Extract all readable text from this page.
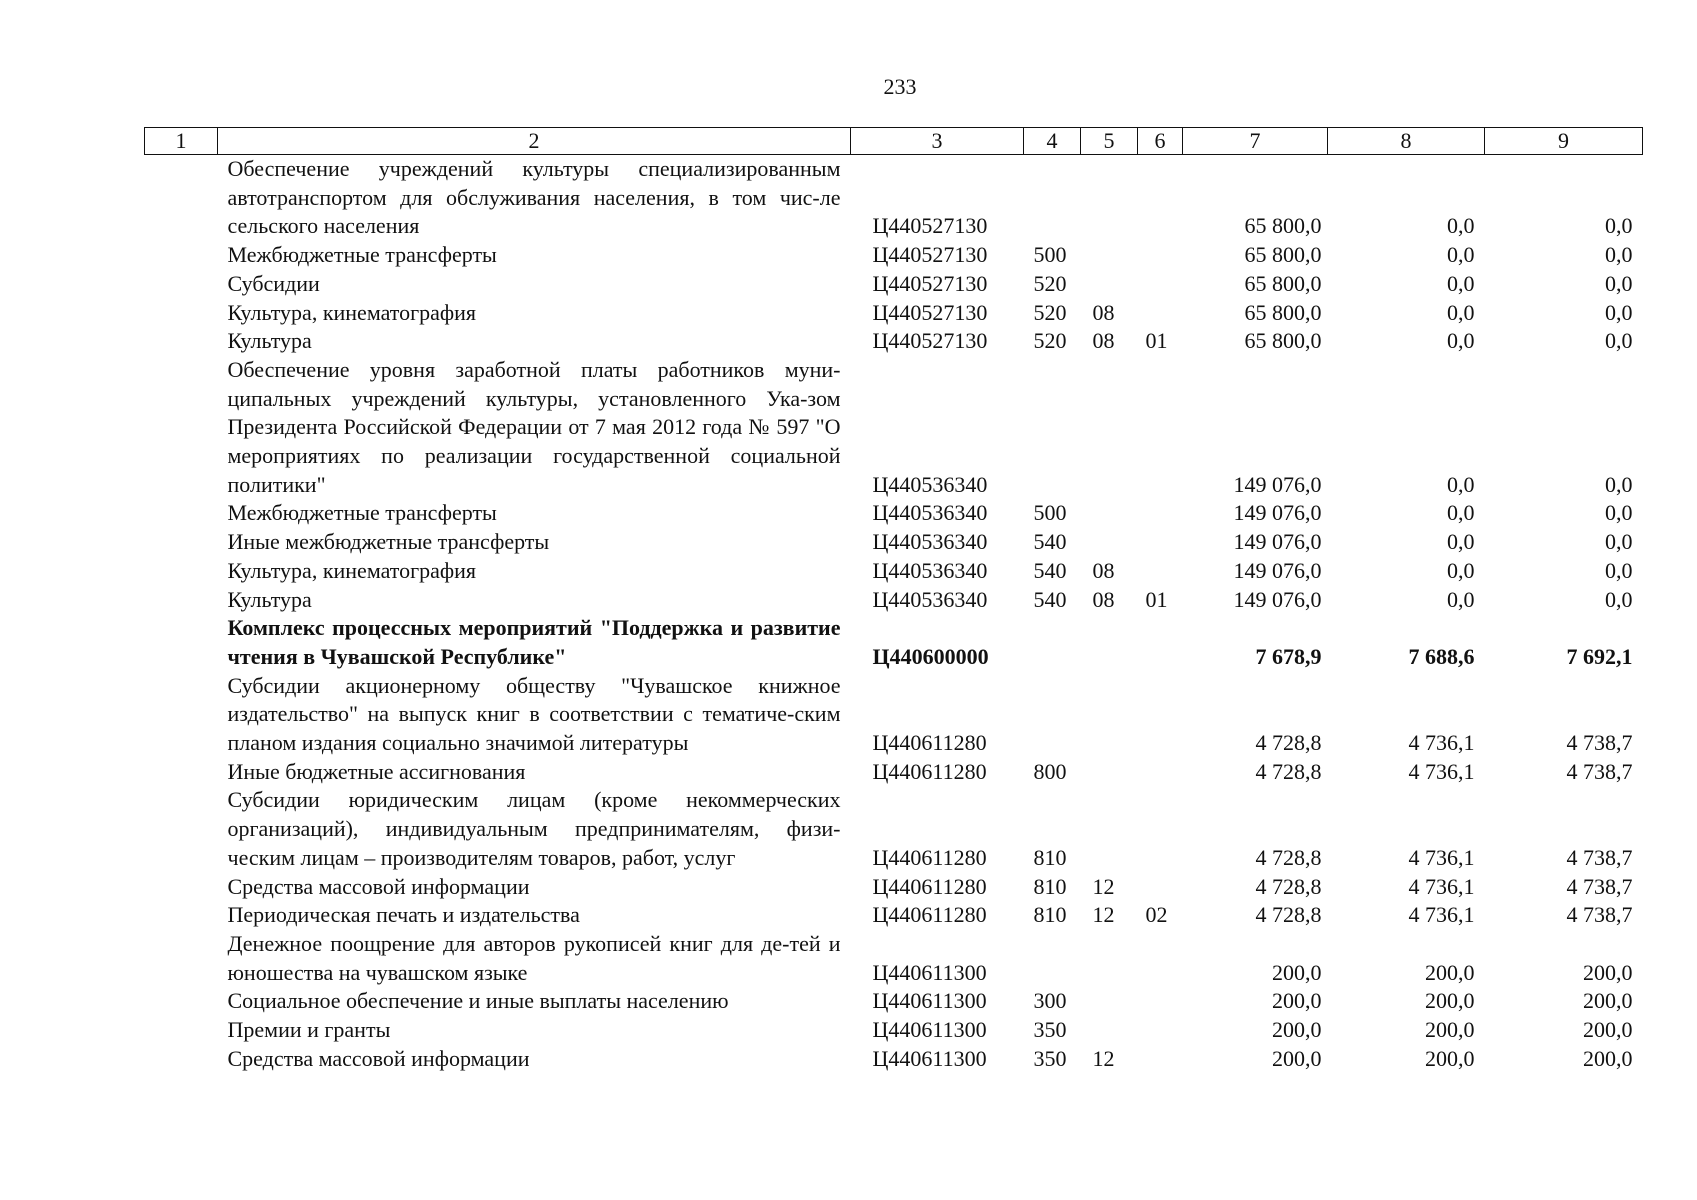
233
1	2	3	4	5	6	7	8	9
	Обеспечение учреждений культуры специализированным автотранспортом для обслуживания населения, в том чис-ле сельского населения	Ц440527130				65 800,0	0,0	0,0
	Межбюджетные трансферты	Ц440527130	500			65 800,0	0,0	0,0
	Субсидии	Ц440527130	520			65 800,0	0,0	0,0
	Культура, кинематография	Ц440527130	520	08		65 800,0	0,0	0,0
	Культура	Ц440527130	520	08	01	65 800,0	0,0	0,0
	Обеспечение уровня заработной платы работников муни-ципальных учреждений культуры, установленного Ука-зом Президента Российской Федерации от 7 мая 2012 года № 597 "О мероприятиях по реализации государственной социальной политики"	Ц440536340				149 076,0	0,0	0,0
	Межбюджетные трансферты	Ц440536340	500			149 076,0	0,0	0,0
	Иные межбюджетные трансферты	Ц440536340	540			149 076,0	0,0	0,0
	Культура, кинематография	Ц440536340	540	08		149 076,0	0,0	0,0
	Культура	Ц440536340	540	08	01	149 076,0	0,0	0,0
	Комплекс процессных мероприятий "Поддержка и развитие чтения в Чувашской Республике"	Ц440600000				7 678,9	7 688,6	7 692,1
	Субсидии акционерному обществу "Чувашское книжное издательство" на выпуск книг в соответствии с тематиче-ским планом издания социально значимой литературы	Ц440611280				4 728,8	4 736,1	4 738,7
	Иные бюджетные ассигнования	Ц440611280	800			4 728,8	4 736,1	4 738,7
	Субсидии юридическим лицам (кроме некоммерческих организаций), индивидуальным предпринимателям, физи-ческим лицам – производителям товаров, работ, услуг	Ц440611280	810			4 728,8	4 736,1	4 738,7
	Средства массовой информации	Ц440611280	810	12		4 728,8	4 736,1	4 738,7
	Периодическая печать и издательства	Ц440611280	810	12	02	4 728,8	4 736,1	4 738,7
	Денежное поощрение для авторов рукописей книг для де-тей и юношества на чувашском языке	Ц440611300				200,0	200,0	200,0
	Социальное обеспечение и иные выплаты населению	Ц440611300	300			200,0	200,0	200,0
	Премии и гранты	Ц440611300	350			200,0	200,0	200,0
	Средства массовой информации	Ц440611300	350	12		200,0	200,0	200,0
